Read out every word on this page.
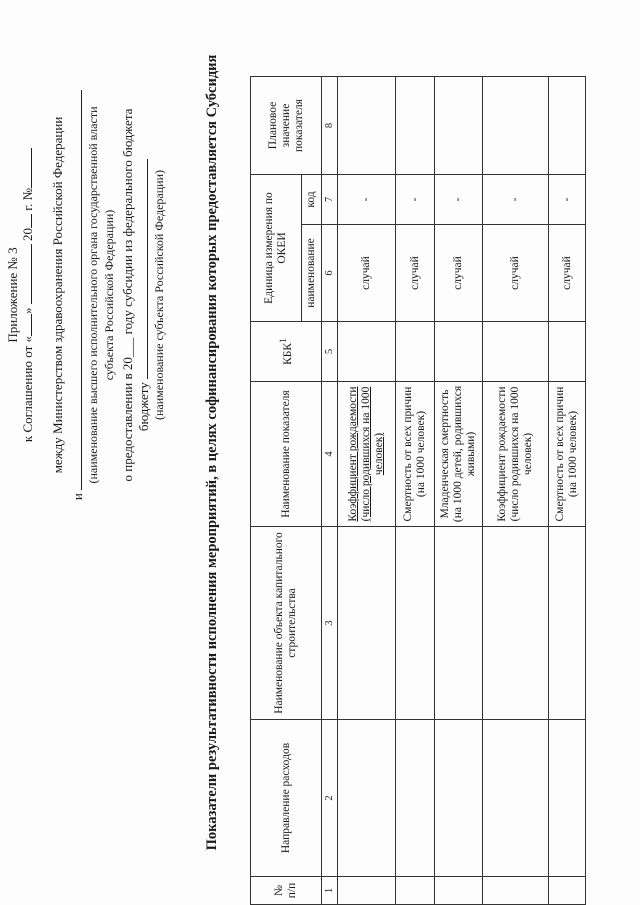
Приложение № 3
к Соглашению от «»  20 г. № между Министерством здравоохранения Российской Федерации
и
(наименование высшего исполнительного органа государственной власти субъекта Российской Федерации) о предоставлении в 20___ году субсидии из федерального бюджета бюджету (наименование субъекта Российской Федерации)	Показатели результативности исполнения мероприятий, в целях софинансирования которых предоставляется Субсидия
№ п/п	Направление расходов	Наименование объекта капитального строительства	Наименование показателя	КБК$^1$	Единица измерения по ОКЕИ		Плановое значение показателя
					наименование	код	
1	2	3	4	5	6	7	8
			Коэффициент рождаемости (число родившихся на 1000 человек)		случай	-	
			Смертность от всех причин (на 1000 человек)		случай	-	
			Младенческая смертность (на 1000 детей, родившихся живыми)		случай	-	
			Коэффициент рождаемости (число родившихся на 1000 человек)		случай	-	
			Смертность от всех причин (на 1000 человек)		случай	-	
